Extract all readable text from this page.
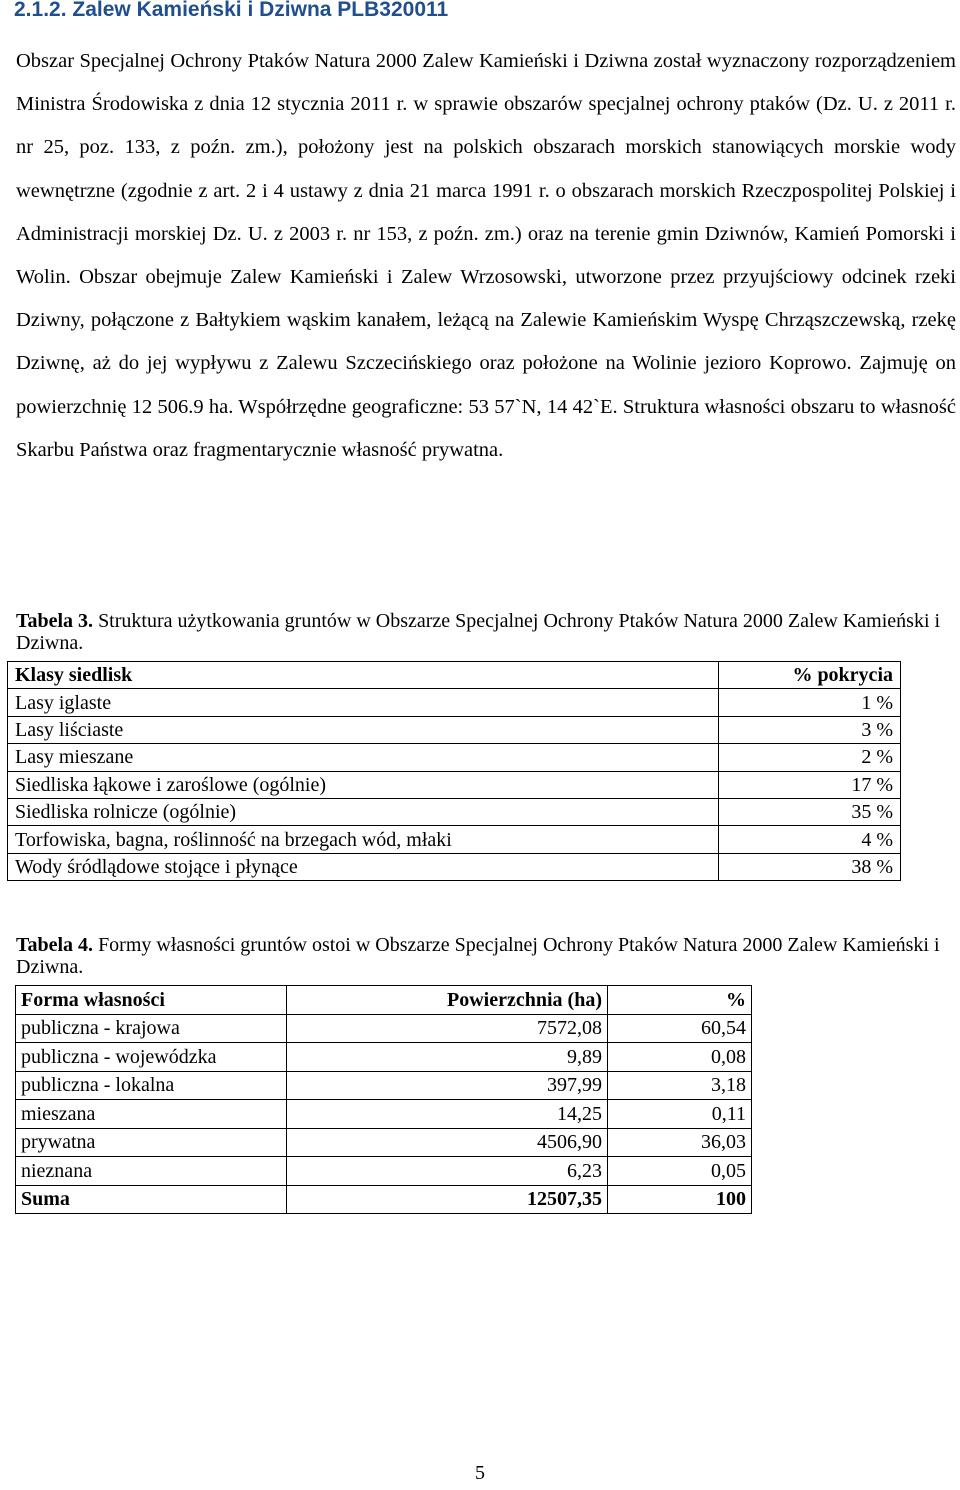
2.1.2. Zalew Kamieński i Dziwna PLB320011

Obszar Specjalnej Ochrony Ptaków Natura 2000 Zalew Kamieński i Dziwna został wyznaczony rozporządzeniem Ministra Środowiska z dnia 12 stycznia 2011 r. w sprawie obszarów specjalnej ochrony ptaków (Dz. U. z 2011 r. nr 25, poz. 133, z poźn. zm.), położony jest na polskich obszarach morskich stanowiących morskie wody wewnętrzne (zgodnie z art. 2 i 4 ustawy z dnia 21 marca 1991 r. o obszarach morskich Rzeczpospolitej Polskiej i Administracji morskiej Dz. U. z 2003 r. nr 153, z poźn. zm.) oraz na terenie gmin Dziwnów, Kamień Pomorski i Wolin. Obszar obejmuje Zalew Kamieński i Zalew Wrzosowski, utworzone przez przyujściowy odcinek rzeki Dziwny, połączone z Bałtykiem wąskim kanałem, leżącą na Zalewie Kamieńskim Wyspę Chrząszczewską, rzekę Dziwnę, aż do jej wypływu z Zalewu Szczecińskiego oraz położone na Wolinie jezioro Koprowo. Zajmuję on powierzchnię 12 506.9 ha. Współrzędne geograficzne: 53 57`N, 14 42`E. Struktura własności obszaru to własność Skarbu Państwa oraz fragmentarycznie własność prywatna.

Tabela 3. Struktura użytkowania gruntów w Obszarze Specjalnej Ochrony Ptaków Natura 2000 Zalew Kamieński i Dziwna.

Klasy siedlisk	% pokrycia
Lasy iglaste	1 %
Lasy liściaste	3 %
Lasy mieszane	2 %
Siedliska łąkowe i zaroślowe (ogólnie)	17 %
Siedliska rolnicze (ogólnie)	35 %
Torfowiska, bagna, roślinność na brzegach wód, młaki	4 %
Wody śródlądowe stojące i płynące	38 %

Tabela 4. Formy własności gruntów ostoi w Obszarze Specjalnej Ochrony Ptaków Natura 2000 Zalew Kamieński i Dziwna.

Forma własności	Powierzchnia (ha)	%
publiczna - krajowa	7572,08	60,54
publiczna - wojewódzka	9,89	0,08
publiczna - lokalna	397,99	3,18
mieszana	14,25	0,11
prywatna	4506,90	36,03
nieznana	6,23	0,05
Suma	12507,35	100
5
